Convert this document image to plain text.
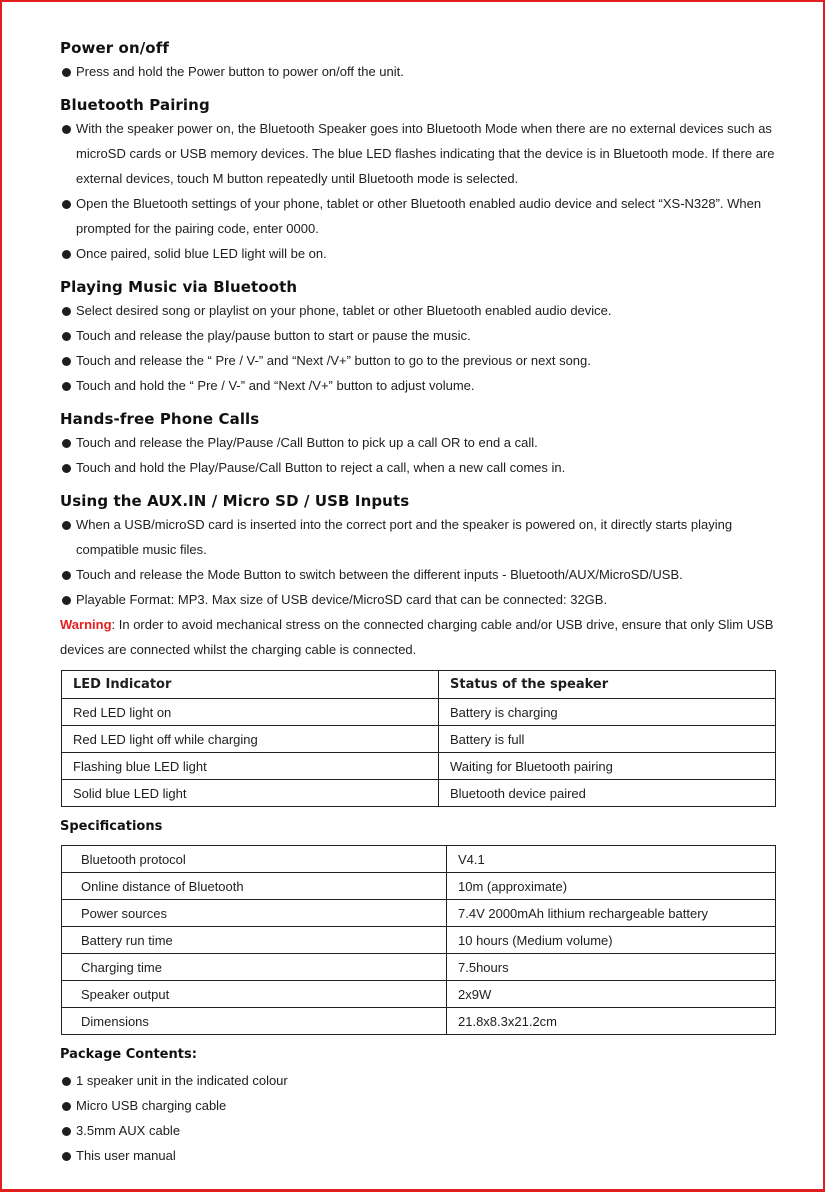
Power on/off
Press and hold the Power button to power on/off the unit.
Bluetooth Pairing
With the speaker power on, the Bluetooth Speaker goes into Bluetooth Mode when there are no external devices such as microSD cards or USB memory devices. The blue LED flashes indicating that the device is in Bluetooth mode. If there are external devices, touch M button repeatedly until Bluetooth mode is selected.
Open the Bluetooth settings of your phone, tablet or other Bluetooth enabled audio device and select “XS-N328”. When prompted for the pairing code, enter 0000.
Once paired, solid blue LED light will be on.
Playing Music via Bluetooth
Select desired song or playlist on your phone, tablet or other Bluetooth enabled audio device.
Touch and release the play/pause button to start or pause the music.
Touch and release the “ Pre / V-” and “Next /V+” button to go to the previous or next song.
Touch and hold the “ Pre / V-” and “Next /V+” button to adjust volume.
Hands-free Phone Calls
Touch and release the Play/Pause /Call Button to pick up a call OR to end a call.
Touch and hold the Play/Pause/Call Button to reject a call, when a new call comes in.
Using the AUX.IN / Micro SD / USB Inputs
When a USB/microSD card is inserted into the correct port and the speaker is powered on, it directly starts playing compatible music files.
Touch and release the Mode Button to switch between the different inputs - Bluetooth/AUX/MicroSD/USB.
Playable Format: MP3. Max size of USB device/MicroSD card that can be connected: 32GB.
Warning: In order to avoid mechanical stress on the connected charging cable and/or USB drive, ensure that only Slim USB devices are connected whilst the charging cable is connected.
LED Indicator	Status of the speaker
Red LED light on	Battery is charging
Red LED light off while charging	Battery is full
Flashing blue LED light	Waiting for Bluetooth pairing
Solid blue LED light	Bluetooth device paired
Specifications
Bluetooth protocol	V4.1
Online distance of Bluetooth	10m (approximate)
Power sources	7.4V 2000mAh lithium rechargeable battery
Battery run time	10 hours (Medium volume)
Charging time	7.5hours
Speaker output	2x9W
Dimensions	21.8x8.3x21.2cm
Package Contents:
1 speaker unit in the indicated colour
Micro USB charging cable
3.5mm AUX cable
This user manual
